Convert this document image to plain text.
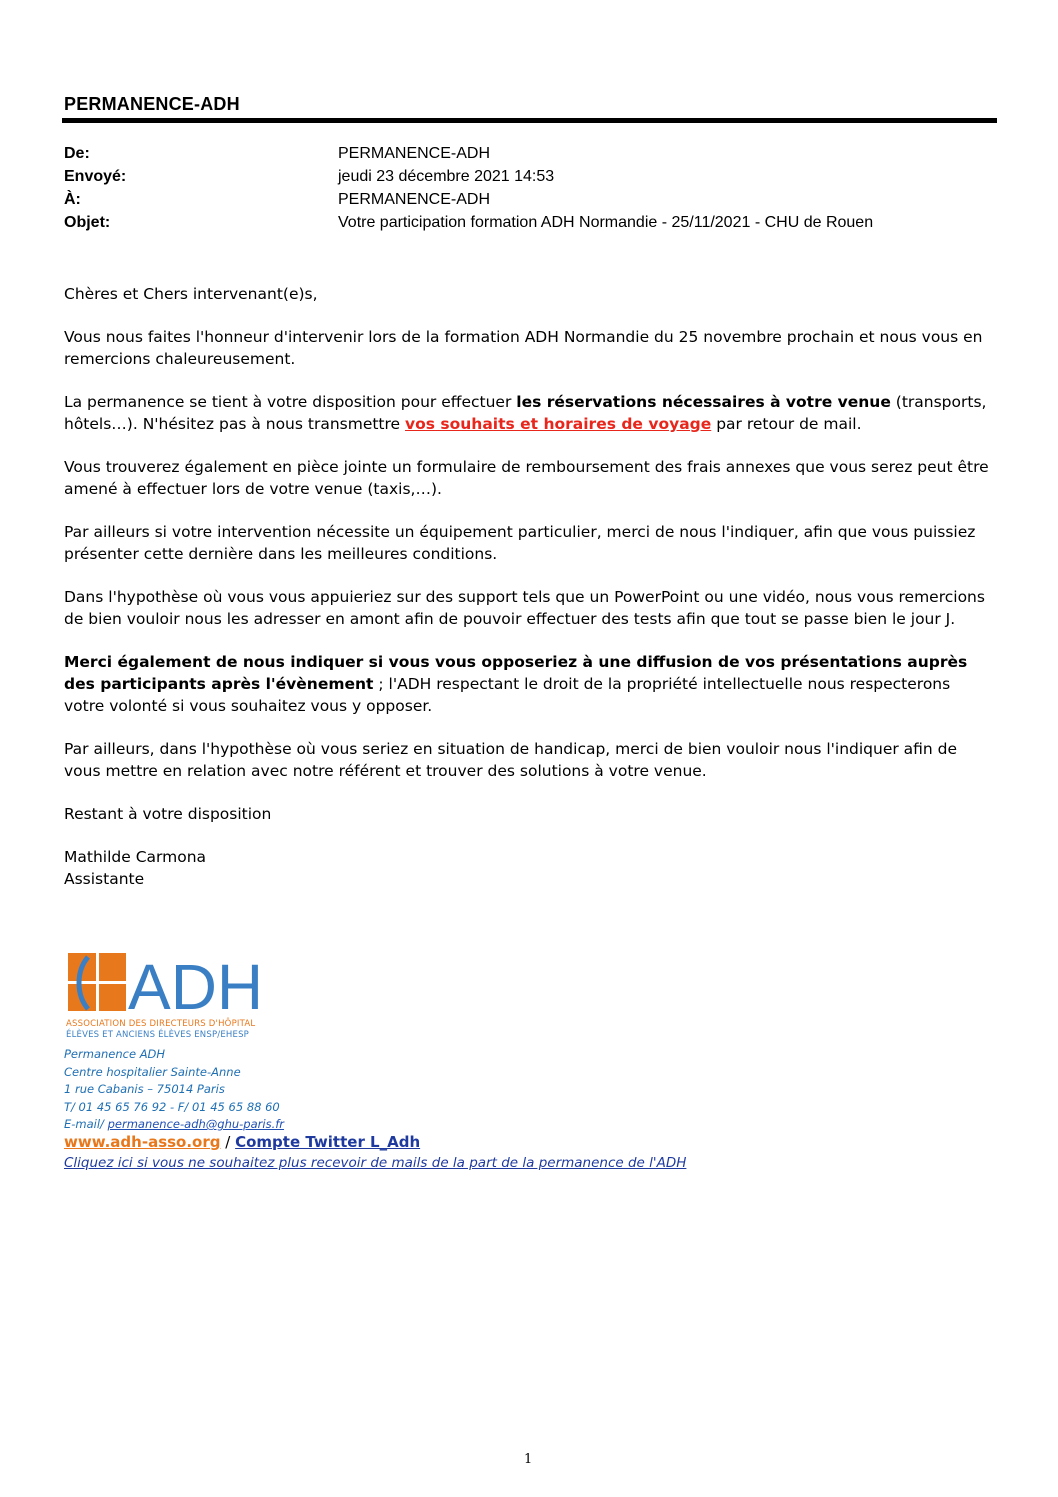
PERMANENCE-ADH
De:	PERMANENCE-ADH
Envoyé:	jeudi 23 décembre 2021 14:53
À:	PERMANENCE-ADH
Objet:	Votre participation formation ADH Normandie - 25/11/2021 - CHU de Rouen

Chères et Chers intervenant(e)s,

Vous nous faites l'honneur d'intervenir lors de la formation ADH Normandie du 25 novembre prochain et nous vous en remercions chaleureusement.

La permanence se tient à votre disposition pour effectuer les réservations nécessaires à votre venue (transports, hôtels…). N'hésitez pas à nous transmettre vos souhaits et horaires de voyage par retour de mail.

Vous trouverez également en pièce jointe un formulaire de remboursement des frais annexes que vous serez peut être amené à effectuer lors de votre venue (taxis,…).

Par ailleurs si votre intervention nécessite un équipement particulier, merci de nous l'indiquer, afin que vous puissiez présenter cette dernière dans les meilleures conditions.

Dans l'hypothèse où vous vous appuieriez sur des support tels que un PowerPoint ou une vidéo, nous vous remercions de bien vouloir nous les adresser en amont afin de pouvoir effectuer des tests afin que tout se passe bien le jour J.

Merci également de nous indiquer si vous vous opposeriez à une diffusion de vos présentations auprès des participants après l'évènement ; l'ADH respectant le droit de la propriété intellectuelle nous respecterons votre volonté si vous souhaitez vous y opposer.

Par ailleurs, dans l'hypothèse où vous seriez en situation de handicap, merci de bien vouloir nous l'indiquer afin de vous mettre en relation avec notre référent et trouver des solutions à votre venue.

Restant à votre disposition

Mathilde Carmona
Assistante
ADH
ASSOCIATION DES DIRECTEURS D'HÔPITAL
ÉLÈVES ET ANCIENS ÉLÈVES ENSP/EHESP
Permanence ADH
Centre hospitalier Sainte-Anne
1 rue Cabanis – 75014 Paris
T/ 01 45 65 76 92 - F/ 01 45 65 88 60
E-mail/ permanence-adh@ghu-paris.fr
www.adh-asso.org / Compte Twitter L_Adh
Cliquez ici si vous ne souhaitez plus recevoir de mails de la part de la permanence de l'ADH
1
